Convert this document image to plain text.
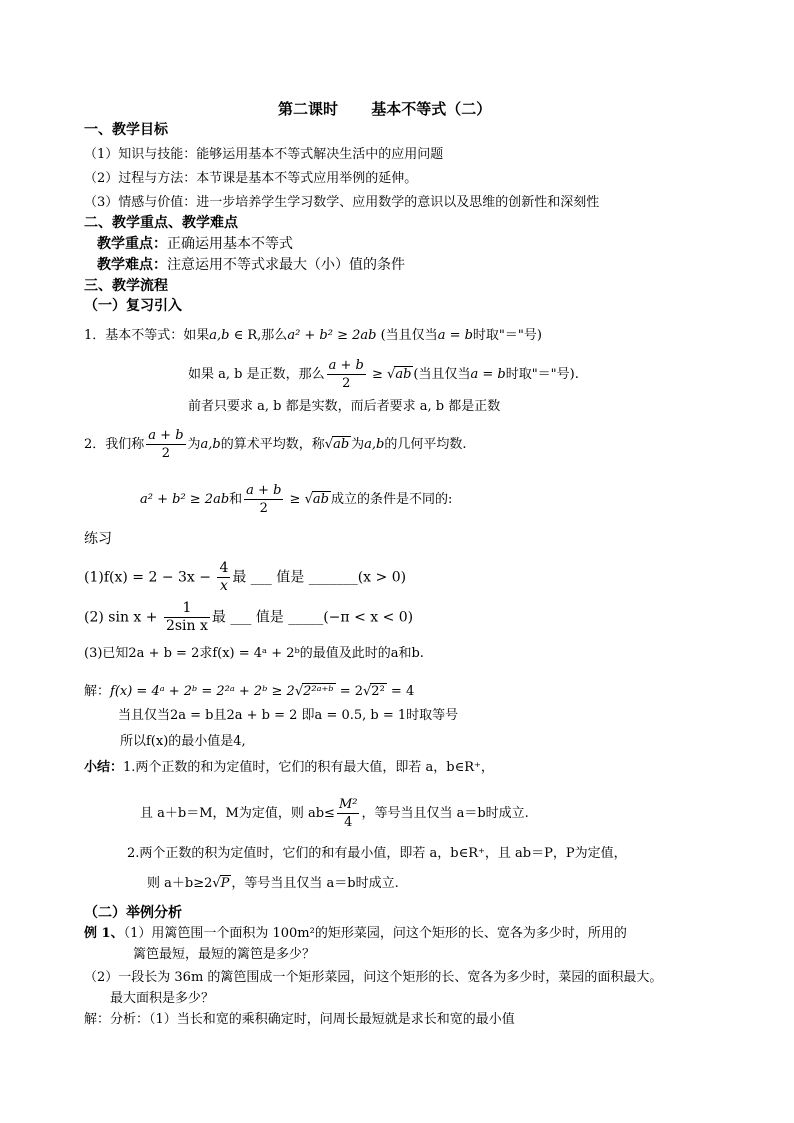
第二课时 基本不等式（二）
一、教学目标
（1）知识与技能：能够运用基本不等式解决生活中的应用问题
（2）过程与方法：本节课是基本不等式应用举例的延伸。
（3）情感与价值：进一步培养学生学习数学、应用数学的意识以及思维的创新性和深刻性
二、教学重点、教学难点
教学重点：正确运用基本不等式
教学难点：注意运用不等式求最大（小）值的条件
三、教学流程
（一）复习引入
1．基本不等式：如果a,b ∈ R,那么a² + b² ≥ 2ab (当且仅当a = b时取"＝"号)
如果 a, b 是正数，那么 $\frac{a + b}{2} \ge √ab$ (当且仅当a = b时取"＝"号).
前者只要求 a, b 都是实数，而后者要求 a, b 都是正数
2．我们称 $\frac{a + b}{2}$ 为a,b的算术平均数，称√ab 为a,b的几何平均数.
a² + b² ≥ 2ab和 $\frac{a + b}{2} \ge √ab$ 成立的条件是不同的:
练习
$(1)f(x) = 2 - 3x - \frac{4}{x}$ 最 ___ 值是 _______(x > 0)
(2) $\sin x + \frac{1}{\text{2sin x}}$ 最 ___ 值是 _____(−π < x < 0)
(3)已知2a + b = 2求f(x) = 4ᵃ + 2ᵇ的最值及此时的a和b.
解：f(x) = 4ᵃ + 2ᵇ = 2²ᵃ + 2ᵇ ≥ 2√2²ᵃ⁺ᵇ = 2√2² = 4
当且仅当2a = b且2a + b = 2 即a = 0.5, b = 1时取等号
所以f(x)的最小值是4,
小结：1.两个正数的和为定值时，它们的积有最大值，即若 a，b∈R⁺，
且 a＋b＝M，M为定值，则 $ab\le \frac{\text{M²}}{4}$ ，等号当且仅当 a＝b时成立.
2.两个正数的积为定值时，它们的和有最小值，即若 a，b∈R⁺，且 ab＝P，P为定值，
则 a＋b≥2√P ，等号当且仅当 a＝b时成立.
（二）举例分析
例 1、（1）用篱笆围一个面积为 100m²的矩形菜园，问这个矩形的长、宽各为多少时，所用的
篱笆最短，最短的篱笆是多少？
（2）一段长为 36m 的篱笆围成一个矩形菜园，问这个矩形的长、宽各为多少时，菜园的面积最大。
最大面积是多少？
解：分析：（1）当长和宽的乘积确定时，问周长最短就是求长和宽的最小值
